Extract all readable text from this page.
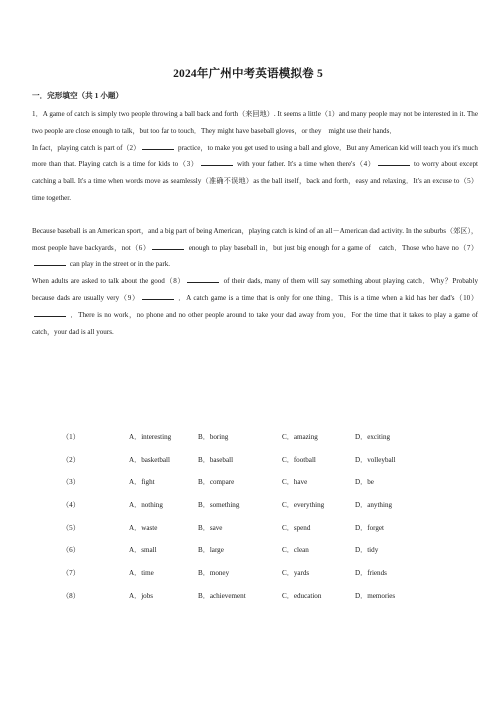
2024年广州中考英语模拟卷 5
一．完形填空（共 1 小题）

1．A game of catch is simply two people throwing a ball back and forth（来回地）. It seems a little（1）and many people may not be interested in it. The two people are close enough to talk，but too far to touch．They might have baseball gloves，or they　might use their hands．

In fact，playing catch is part of（2）	practice，to make you get used to using a ball and glove．But any American kid will teach you it's much more than that. Playing catch is a time for kids to（3）	with your father. It's a time when there's（4）	to worry about except catching a ball. It's a time when words move as seamlessly（准确不误地）as the ball itself，back and forth，easy and relaxing．It's an excuse to（5）time together.

Because baseball is an American sport，and a big part of being American，playing catch is kind of an all－American dad activity. In the suburbs（郊区），most people have backyards，not（6）	enough to play baseball in，but just big enough for a game of　catch．Those who have no（7） can play in the street or in the park.

When adults are asked to talk about the good（8）	of their dads, many of them will say something about playing catch．Why？Probably because dads are usually very（9）	．A catch game is a time that is only for one thing．This is a time when a kid has her dad's（10） ．There is no work，no phone and no other people around to take your dad away from you．For the time that it takes to play a game of catch，your dad is all yours.

（1）	A．interesting	B．boring	C．amazing	D．exciting
（2）	A．basketball	B．baseball	C．football	D．volleyball
（3）	A．fight	B．compare	C．have	D．be
（4）	A．nothing	B．something	C．everything	D．anything
（5）	A．waste	B．save	C．spend	D．forget
（6）	A．small	B．large	C．clean	D．tidy
（7）	A．time	B．money	C．yards	D．friends
（8）	A．jobs	B．achievement	C．education	D．memories
